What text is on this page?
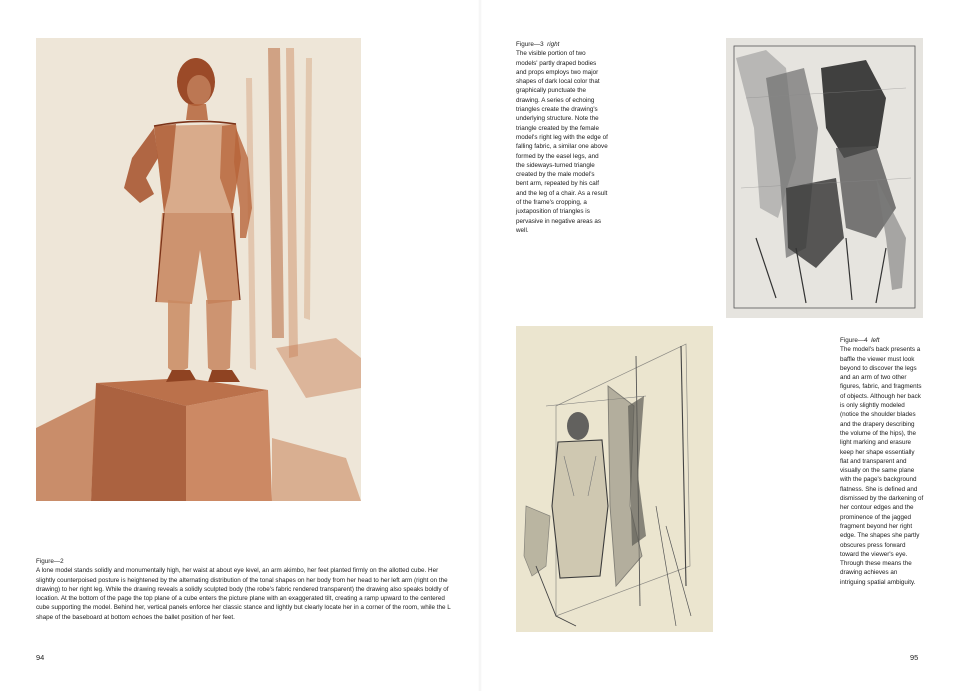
Figure—2
A lone model stands solidly and monumentally high, her waist at about eye level, an arm akimbo, her feet planted firmly on the allotted cube. Her slightly counterpoised posture is heightened by the alternating distribution of the tonal shapes on her body from her head to her left arm (right on the drawing) to her right leg. While the drawing reveals a solidly sculpted body (the robe's fabric rendered transparent) the drawing also speaks boldly of location. At the bottom of the page the top plane of a cube enters the picture plane with an exaggerated tilt, creating a ramp upward to the centered cube supporting the model. Behind her, vertical panels enforce her classic stance and lightly but clearly locate her in a corner of the room, while the L shape of the baseboard at bottom echoes the ballet position of her feet.
94
Figure—3 right
The visible portion of two models' partly draped bodies and props employs two major shapes of dark local color that graphically punctuate the drawing. A series of echoing triangles create the drawing's underlying structure. Note the triangle created by the female model's right leg with the edge of falling fabric, a similar one above formed by the easel legs, and the sideways-turned triangle created by the male model's bent arm, repeated by his calf and the leg of a chair. As a result of the frame's cropping, a juxtaposition of triangles is pervasive in negative areas as well.
Figure—4 left
The model's back presents a baffle the viewer must look beyond to discover the legs and an arm of two other figures, fabric, and fragments of objects. Although her back is only slightly modeled (notice the shoulder blades and the drapery describing the volume of the hips), the light marking and erasure keep her shape essentially flat and transparent and visually on the same plane with the page's background flatness. She is defined and dismissed by the darkening of her contour edges and the prominence of the jagged fragment beyond her right edge. The shapes she partly obscures press forward toward the viewer's eye. Through these means the drawing achieves an intriguing spatial ambiguity.
95
